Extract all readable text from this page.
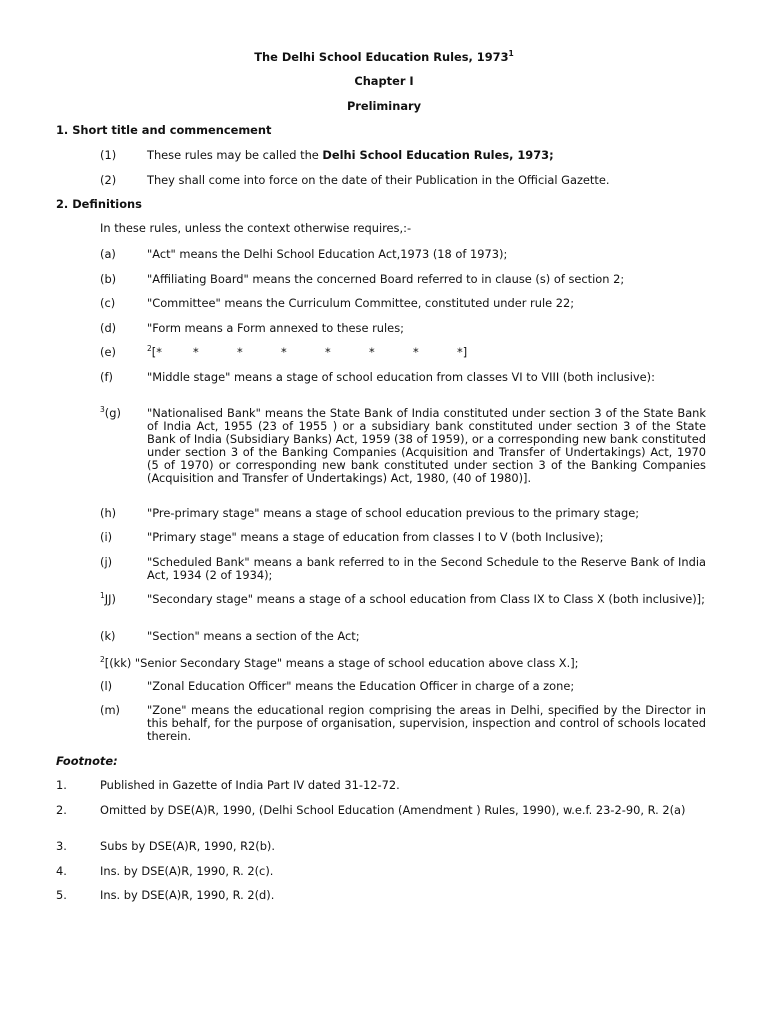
The Delhi School Education Rules, 1973$^1$
Chapter I
Preliminary
1. Short title and commencement
(1)	These rules may be called the Delhi School Education Rules, 1973;
(2)	They shall come into force on the date of their Publication in the Official Gazette.
2. Definitions
In these rules, unless the context otherwise requires,:-
(a)	"Act" means the Delhi School Education Act,1973 (18 of 1973);
(b)	"Affiliating Board" means the concerned Board referred to in clause (s) of section 2;
(c)	"Committee" means the Curriculum Committee, constituted under rule 22;
(d)	"Form means a Form annexed to these rules;
(e)	$^2$[*	*	*	*	*	*	*	*]
(f)	"Middle stage" means a stage of school education from classes VI to VIII (both inclusive):
$^3$(g) "Nationalised Bank" means the State Bank of India constituted under section 3 of the State Bank of India Act, 1955 (23 of 1955 ) or a subsidiary bank constituted under section 3 of the State Bank of India (Subsidiary Banks) Act, 1959 (38 of 1959), or a corresponding new bank constituted under section 3 of the Banking Companies (Acquisition and Transfer of Undertakings) Act, 1970 (5 of 1970) or corresponding new bank constituted under section 3 of the Banking Companies (Acquisition and Transfer of Undertakings) Act, 1980, (40 of 1980)].
(h)	"Pre-primary stage" means a stage of school education previous to the primary stage;
(i)	"Primary stage" means a stage of education from classes I to V (both Inclusive);
(j)	"Scheduled Bank" means a bank referred to in the Second Schedule to the Reserve Bank of India Act, 1934 (2 of 1934);
$^1$JJ)	"Secondary stage" means a stage of a school education from Class IX to Class X (both inclusive)];
(k)	"Section" means a section of the Act;
$^2$[(kk) "Senior Secondary Stage" means a stage of school education above class X.];
(l)	"Zonal Education Officer" means the Education Officer in charge of a zone;
(m) "Zone" means the educational region comprising the areas in Delhi, specified by the Director in this behalf, for the purpose of organisation, supervision, inspection and control of schools located therein.
Footnote:
1.	Published in Gazette of India Part IV dated 31-12-72.
2.	Omitted by DSE(A)R, 1990, (Delhi School Education (Amendment ) Rules, 1990), w.e.f. 23-2-90, R. 2(a)
3.	Subs by DSE(A)R, 1990, R2(b).
4.	Ins. by DSE(A)R, 1990, R. 2(c).
5.	Ins. by DSE(A)R, 1990, R. 2(d).
